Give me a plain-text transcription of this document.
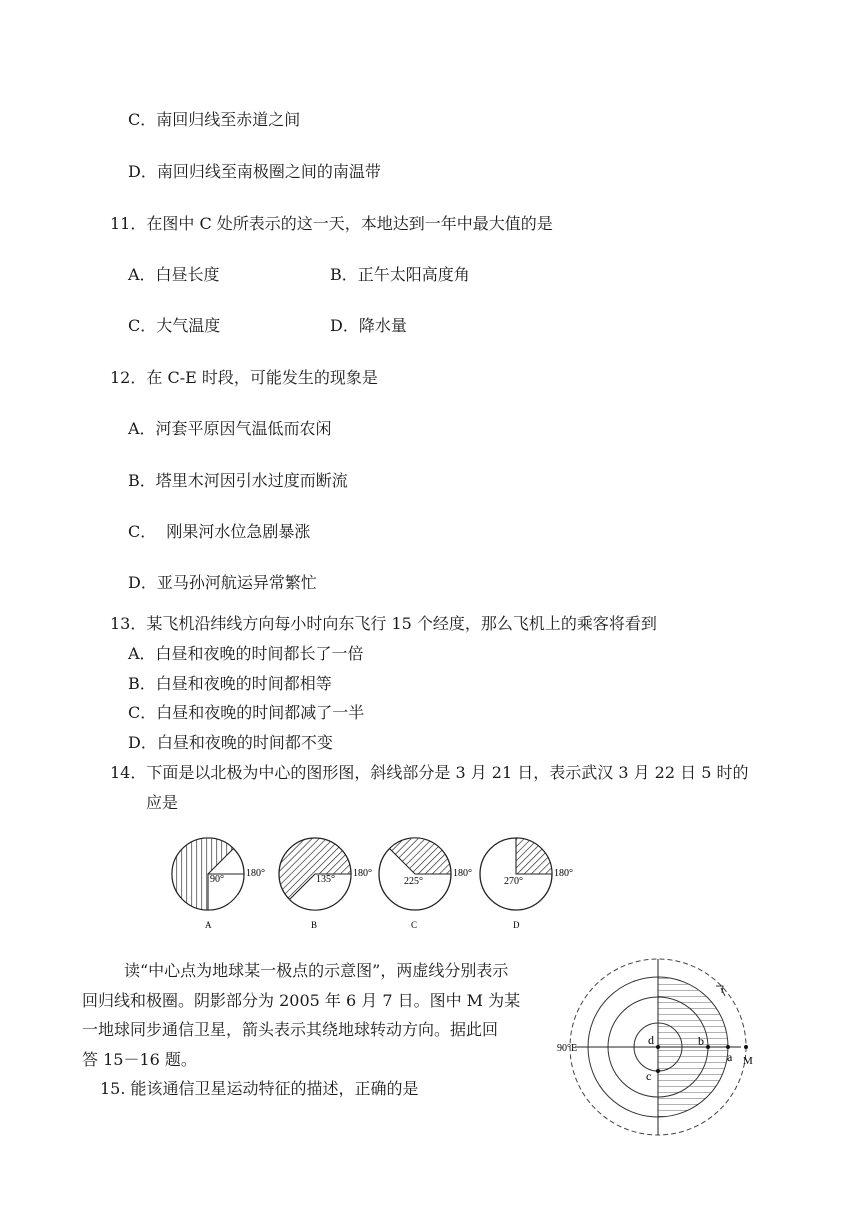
C．南回归线至赤道之间
D．南回归线至南极圈之间的南温带
11．在图中 C 处所表示的这一天，本地达到一年中最大值的是
A．白昼长度	B．正午太阳高度角
C．大气温度	D．降水量
12．在 C-E 时段，可能发生的现象是
A．河套平原因气温低而农闲
B．塔里木河因引水过度而断流
C．  刚果河水位急剧暴涨
D．亚马孙河航运异常繁忙
13．某飞机沿纬线方向每小时向东飞行 15 个经度，那么飞机上的乘客将看到
A．白昼和夜晚的时间都长了一倍
B．白昼和夜晚的时间都相等
C．白昼和夜晚的时间都减了一半
D．白昼和夜晚的时间都不变
14．下面是以北极为中心的图形图，斜线部分是 3 月 21 日，表示武汉 3 月 22 日 5 时的
应是
90°
180°
A
135°
180°
B
225°
180°
C
270°
180°
D
读“中心点为地球某一极点的示意图”，两虚线分别表示
回归线和极圈。阴影部分为 2005 年 6 月 7 日。图中 M 为某
一地球同步通信卫星，箭头表示其绕地球转动方向。据此回
答 15－16 题。
15. 能该通信卫星运动特征的描述，正确的是
90°E
d	b
a
c
M
